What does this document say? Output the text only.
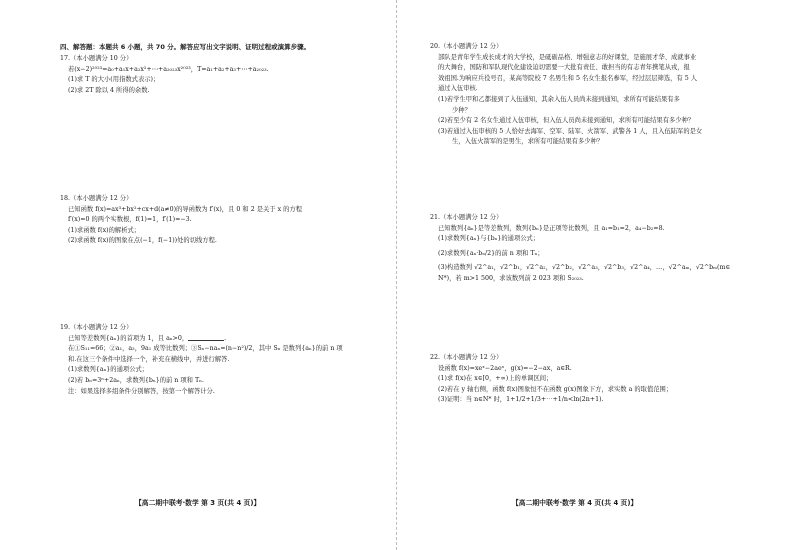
四、解答题：本题共 6 小题，共 70 分。解答应写出文字说明、证明过程或演算步骤。
17.（本小题满分 10 分）
若(x−2)²⁰²³=a₀+a₁x+a₂x²+⋯+a₂₀₂₃x²⁰²³，T=a₁+a₂+a₃+⋯+a₂₀₂₃.
(1)求 T 的大小(用指数式表示)；
(2)求 2T 除以 4 所得的余数.
18.（本小题满分 12 分）
已知函数 f(x)=ax³+bx²+cx+d(a≠0)的导函数为 f′(x)，且 0 和 2 是关于 x 的方程
f′(x)=0 的两个实数根，f(1)=1，f′(1)=−3.
(1)求函数 f(x)的解析式；
(2)求函数 f(x)的图象在点(−1，f(−1))处的切线方程.
19.（本小题满分 12 分）
已知等差数列{aₙ}的首项为 1，且 aₙ>0，	.
在①S₁₁=66；②a₁，a₃，9a₁ 成等比数列；③Sₙ−naₙ=(n−n²)/2，其中 Sₙ 是数列{aₙ}的前 n 项
和.在这三个条件中选择一个，补充在横线中，并进行解答.
(1)求数列{aₙ}的通项公式；
(2)若 bₙ=3ⁿ+2aₙ，求数列{bₙ}的前 n 项和 Tₙ.
注：如果选择多组条件分别解答，按第一个解答计分.
【高二期中联考·数学 第 3 页(共 4 页)】
20.（本小题满分 12 分）
部队是青年学生成长成才的大学校，是砥砺品格、增强意志的好课堂，是施展才华、成就事业
的大舞台，国防和军队现代化建设迫切需要一大批有责任、敢担当的有志青年携笔从戎，报
效祖国.为响应兵役号召，某高等院校 7 名男生和 5 名女生报名参军，经过层层筛选，有 5 人
通过入伍审核.
(1)若学生甲和乙都接到了入伍通知，其余入伍人员尚未接到通知，求所有可能结果有多
少种？
(2)若至少有 2 名女生通过入伍审核，但入伍人员尚未接到通知，求所有可能结果有多少种？
(3)若通过入伍审核的 5 人恰好去海军、空军、陆军、火箭军、武警各 1 人，且入伍陆军的是女
生，入伍火箭军的是男生，求所有可能结果有多少种？
21.（本小题满分 12 分）
已知数列{aₙ}是等差数列，数列{bₙ}是正项等比数列，且 a₁=b₁=2，a₄−b₂=8.
(1)求数列{aₙ}与{bₙ}的通项公式；
(2)求数列{aₙ·bₙ/2}的前 n 项和 Tₙ；
(3)构造数列 √2^a₁，√2^b₁，√2^a₂，√2^b₂，√2^a₃，√2^b₃，√2^a₄，…，√2^aₘ，√2^bₘ(m∈
N*)，若 m>1 500，求该数列前 2 023 项和 S₂₀₂₃.
22.（本小题满分 12 分）
设函数 f(x)=xeˣ−2aeˣ，g(x)=−2−ax，a∈R.
(1)求 f(x)在 x∈[0，+∞)上的单调区间；
(2)若在 y 轴右侧，函数 f(x)图象恒不在函数 g(x)图象下方，求实数 a 的取值范围；
(3)证明：当 n∈N* 时，1+1/2+1/3+⋯+1/n<ln(2n+1).
【高二期中联考·数学 第 4 页(共 4 页)】
